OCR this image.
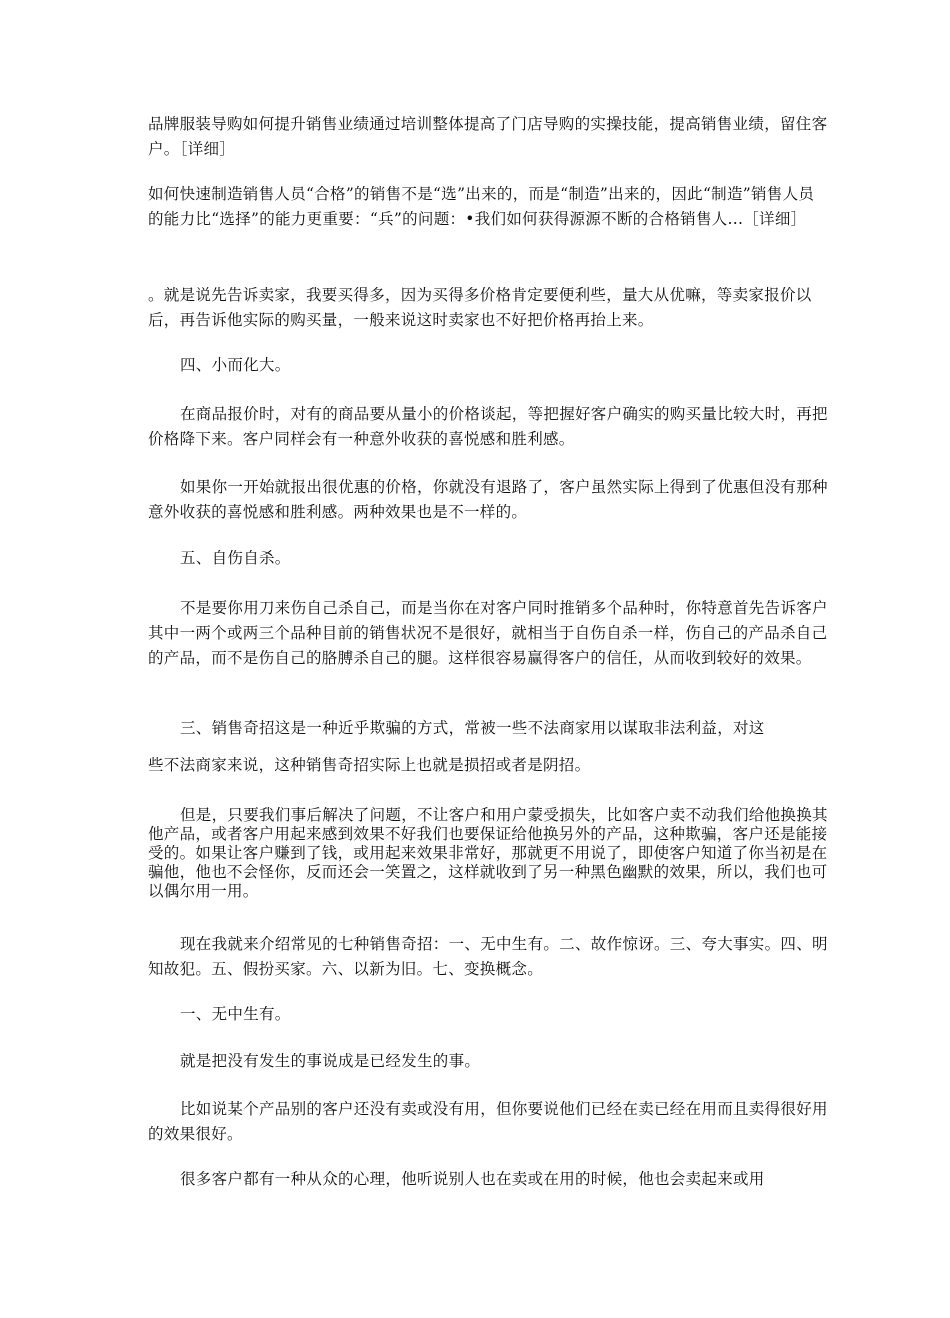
品牌服装导购如何提升销售业绩通过培训整体提高了门店导购的实操技能，提高销售业绩，留住客户。［详细］

如何快速制造销售人员“合格”的销售不是“选”出来的，而是“制造”出来的，因此“制造”销售人员的能力比“选择”的能力更重要：“兵”的问题：•我们如何获得源源不断的合格销售人...［详细］

。就是说先告诉卖家，我要买得多，因为买得多价格肯定要便利些，量大从优嘛，等卖家报价以后，再告诉他实际的购买量，一般来说这时卖家也不好把价格再抬上来。

四、小而化大。

在商品报价时，对有的商品要从量小的价格谈起，等把握好客户确实的购买量比较大时，再把价格降下来。客户同样会有一种意外收获的喜悦感和胜利感。

如果你一开始就报出很优惠的价格，你就没有退路了，客户虽然实际上得到了优惠但没有那种意外收获的喜悦感和胜利感。两种效果也是不一样的。

五、自伤自杀。

不是要你用刀来伤自己杀自己，而是当你在对客户同时推销多个品种时，你特意首先告诉客户其中一两个或两三个品种目前的销售状况不是很好，就相当于自伤自杀一样，伤自己的产品杀自己的产品，而不是伤自己的胳膊杀自己的腿。这样很容易赢得客户的信任，从而收到较好的效果。

三、销售奇招这是一种近乎欺骗的方式，常被一些不法商家用以谋取非法利益，对这

些不法商家来说，这种销售奇招实际上也就是损招或者是阴招。

但是，只要我们事后解决了问题，不让客户和用户蒙受损失，比如客户卖不动我们给他换换其他产品，或者客户用起来感到效果不好我们也要保证给他换另外的产品，这种欺骗，客户还是能接受的。如果让客户赚到了钱，或用起来效果非常好，那就更不用说了，即使客户知道了你当初是在骗他，他也不会怪你，反而还会一笑置之，这样就收到了另一种黑色幽默的效果，所以，我们也可以偶尔用一用。

现在我就来介绍常见的七种销售奇招：一、无中生有。二、故作惊讶。三、夸大事实。四、明知故犯。五、假扮买家。六、以新为旧。七、变换概念。

一、无中生有。

就是把没有发生的事说成是已经发生的事。

比如说某个产品别的客户还没有卖或没有用，但你要说他们已经在卖已经在用而且卖得很好用的效果很好。

很多客户都有一种从众的心理，他听说别人也在卖或在用的时候，他也会卖起来或用
